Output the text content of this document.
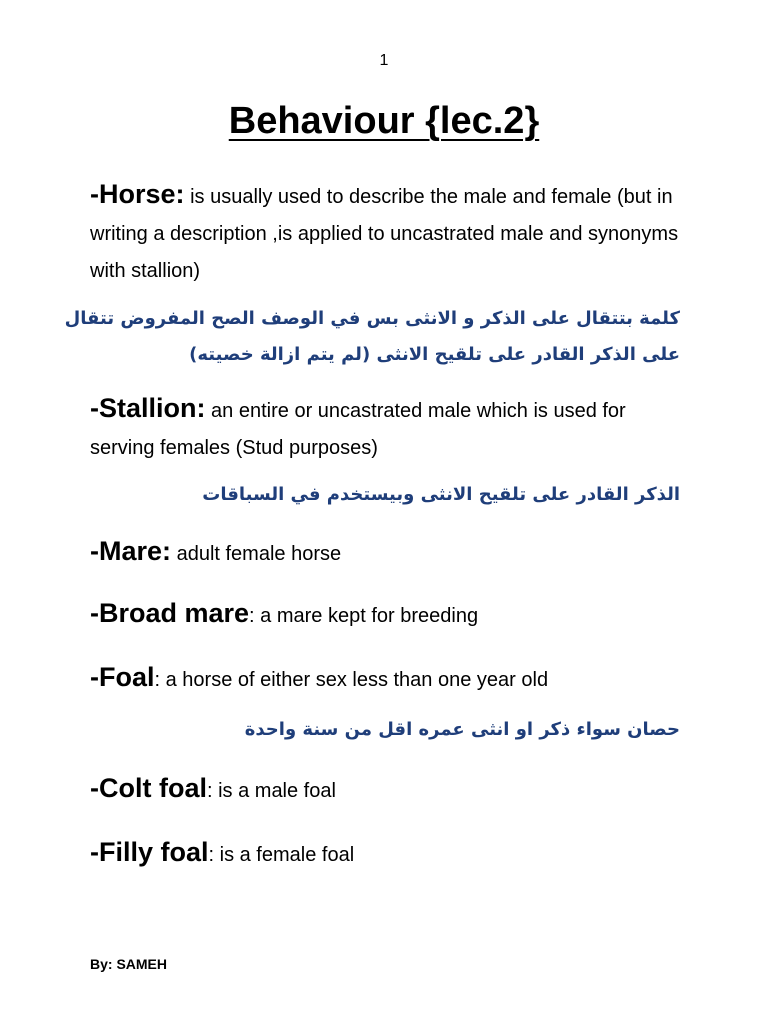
1
Behaviour {lec.2}
-Horse: is usually used to describe the male and female (but in writing a description ,is applied to uncastrated male and synonyms with stallion)
كلمة بتتقال على الذكر و الانثى بس في الوصف الصح المفروض تتقال على الذكر القادر على تلقيح الانثى (لم يتم ازالة خصيته)
-Stallion: an entire or uncastrated male which is used for serving females (Stud purposes)
الذكر القادر على تلقيح الانثى وبيستخدم في السباقات
-Mare: adult female horse
-Broad mare: a mare kept for breeding
-Foal: a horse of either sex less than one year old
حصان سواء ذكر او انثى عمره اقل من سنة واحدة
-Colt foal: is a male foal
-Filly foal: is a female foal
By: SAMEH
